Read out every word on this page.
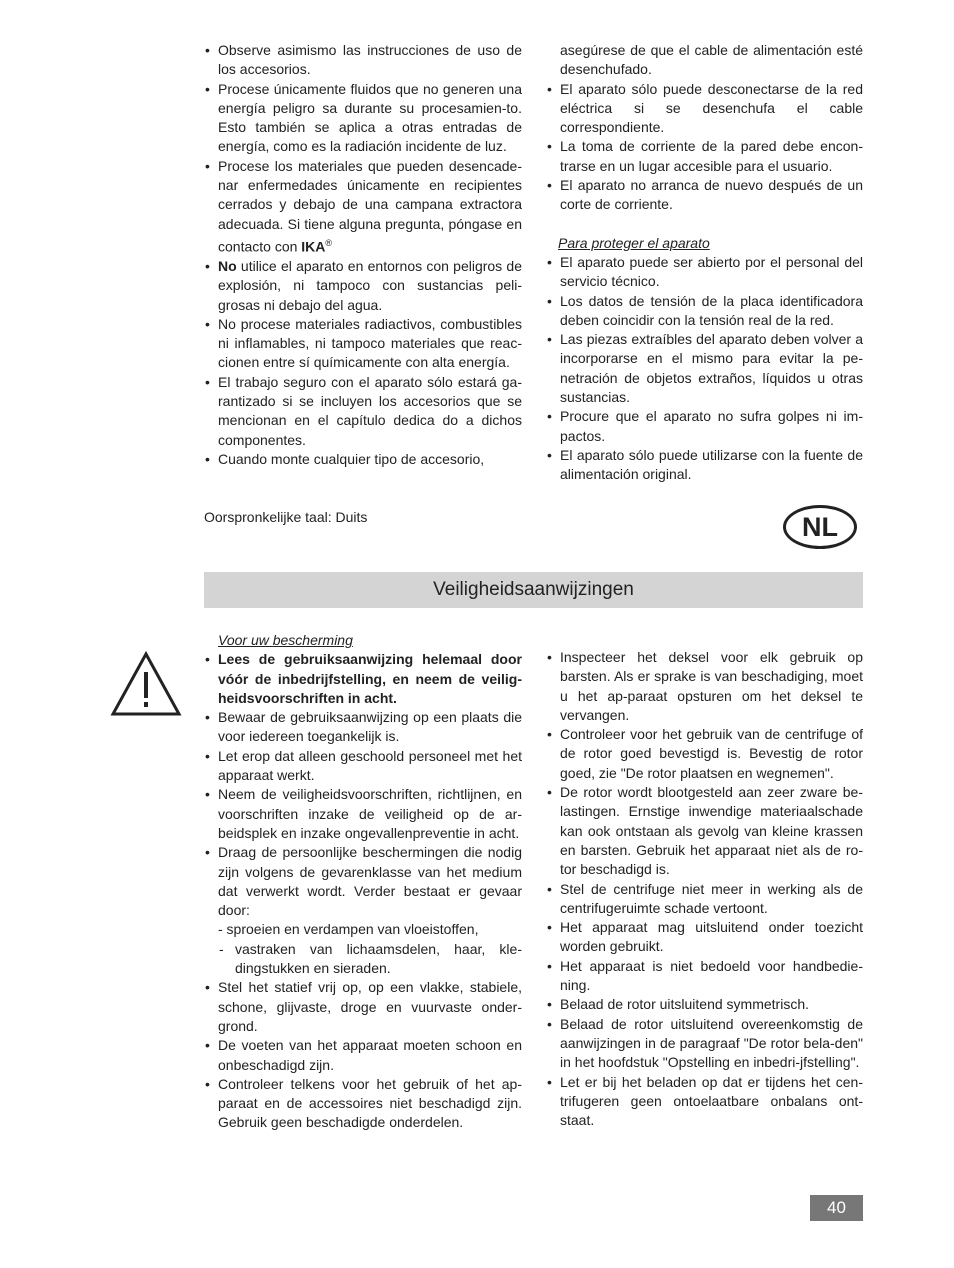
• Observe asimismo las instrucciones de uso de los accesorios.
• Procese únicamente fluidos que no generen una energía peligro sa durante su procesamien-to. Esto también se aplica a otras entradas de energía, como es la radiación incidente de luz.
• Procese los materiales que pueden desencade-nar enfermedades únicamente en recipientes cerrados y debajo de una campana extractora adecuada. Si tiene alguna pregunta, póngase en contacto con IKA®
• No utilice el aparato en entornos con peligros de explosión, ni tampoco con sustancias peli-grosas ni debajo del agua.
• No procese materiales radiactivos, combustibles ni inflamables, ni tampoco materiales que reac-cionen entre sí químicamente con alta energía.
• El trabajo seguro con el aparato sólo estará ga-rantizado si se incluyen los accesorios que se mencionan en el capítulo dedica do a dichos componentes.
• Cuando monte cualquier tipo de accesorio,
asegúrese de que el cable de alimentación esté desenchufado.
• El aparato sólo puede desconectarse de la red eléctrica si se desenchufa el cable correspondiente.
• La toma de corriente de la pared debe encon-trarse en un lugar accesible para el usuario.
• El aparato no arranca de nuevo después de un corte de corriente.

Para proteger el aparato

• El aparato puede ser abierto por el personal del servicio técnico.
• Los datos de tensión de la placa identificadora deben coincidir con la tensión real de la red.
• Las piezas extraíbles del aparato deben volver a incorporarse en el mismo para evitar la pe-netración de objetos extraños, líquidos u otras sustancias.
• Procure que el aparato no sufra golpes ni im-pactos.
• El aparato sólo puede utilizarse con la fuente de alimentación original.
Oorspronkelijke taal: Duits	NL
Veiligheidsaanwijzingen

Voor uw bescherming

• Lees de gebruiksaanwijzing helemaal door vóór de inbedrijfstelling, en neem de veilig-heidsvoorschriften in acht.
• Bewaar de gebruiksaanwijzing op een plaats die voor iedereen toegankelijk is.
• Let erop dat alleen geschoold personeel met het apparaat werkt.
• Neem de veiligheidsvoorschriften, richtlijnen, en voorschriften inzake de veiligheid op de ar-beidsplek en inzake ongevallenpreventie in acht.
• Draag de persoonlijke beschermingen die nodig zijn volgens de gevarenklasse van het medium dat verwerkt wordt. Verder bestaat er gevaar door:
- sproeien en verdampen van vloeistoffen,
- vastraken van lichaamsdelen, haar, kle-dingstukken en sieraden.
• Stel het statief vrij op, op een vlakke, stabiele, schone, glijvaste, droge en vuurvaste onder-grond.
• De voeten van het apparaat moeten schoon en onbeschadigd zijn.
• Controleer telkens voor het gebruik of het ap-paraat en de accessoires niet beschadigd zijn. Gebruik geen beschadigde onderdelen.
• Inspecteer het deksel voor elk gebruik op barsten. Als er sprake is van beschadiging, moet u het ap-paraat opsturen om het deksel te vervangen.
• Controleer voor het gebruik van de centrifuge of de rotor goed bevestigd is. Bevestig de rotor goed, zie "De rotor plaatsen en wegnemen".
• De rotor wordt blootgesteld aan zeer zware be-lastingen. Ernstige inwendige materiaalschade kan ook ontstaan als gevolg van kleine krassen en barsten. Gebruik het apparaat niet als de ro-tor beschadigd is.
• Stel de centrifuge niet meer in werking als de centrifugeruimte schade vertoont.
• Het apparaat mag uitsluitend onder toezicht worden gebruikt.
• Het apparaat is niet bedoeld voor handbedie-ning.
• Belaad de rotor uitsluitend symmetrisch.
• Belaad de rotor uitsluitend overeenkomstig de aanwijzingen in de paragraaf "De rotor bela-den" in het hoofdstuk "Opstelling en inbedri-jfstelling".
• Let er bij het beladen op dat er tijdens het cen-trifugeren geen ontoelaatbare onbalans ont-staat.
40
